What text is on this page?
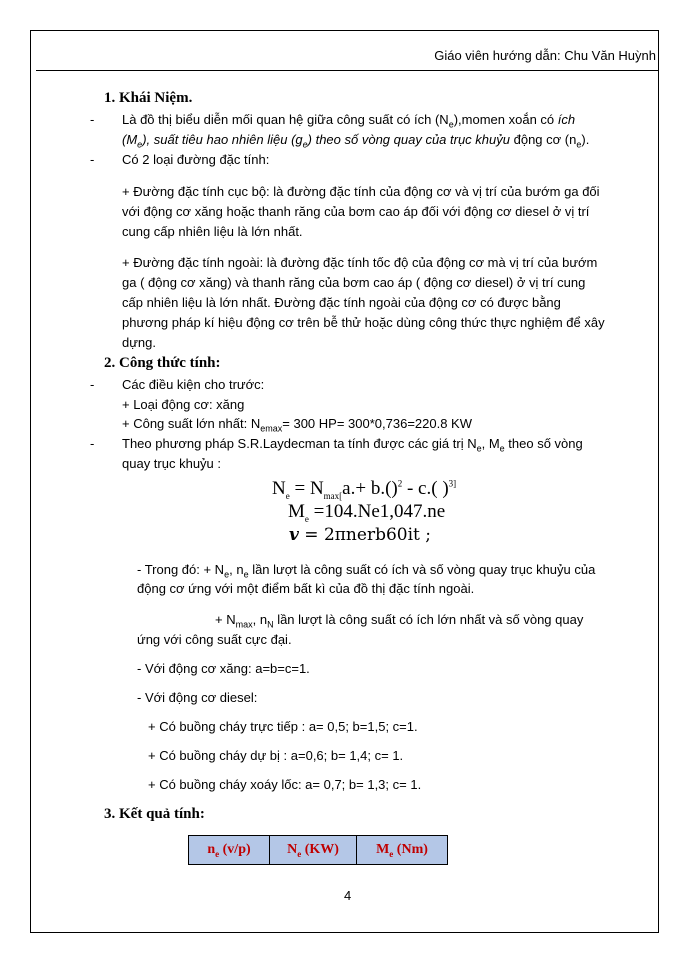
Giáo viên hướng dẫn: Chu Văn Huỳnh
1. Khái Niệm.
- Là đồ thị biểu diễn mối quan hệ giữa công suất có ích $(N_e),momen$ xoắn có ích
$(M_e)$, suất tiêu hao nhiên liệu $(g_e)$ theo số vòng quay của trục khuỷu động cơ $(n_e)$.
- Có 2 loại đường đặc tính:
+ Đường đặc tính cục bộ: là đường đặc tính của động cơ và vị trí của bướm ga đối
với động cơ xăng hoặc thanh răng của bơm cao áp đối với động cơ diesel ở vị trí
cung cấp nhiên liệu là lớn nhất.
+ Đường đặc tính ngoài: là đường đặc tính tốc độ của động cơ mà vị trí của bướm
ga ( động cơ xăng) và thanh răng của bơm cao áp ( động cơ diesel) ở vị trí cung
cấp nhiên liệu là lớn nhất. Đường đặc tính ngoài của động cơ có được bằng
phương pháp kí hiệu động cơ trên bễ thử hoặc dùng công thức thực nghiệm để xây
dựng.
2. Công thức tính:
- Các điều kiện cho trước:
+ Loại động cơ: xăng
+ Công suất lớn nhất: $N_{emax}= 300$ HP= 300*0,736=220.8 KW
- Theo phương pháp S.R.Laydecman ta tính được các giá trị $N_e$, $M_e$ theo số vòng
quay trục khuỷu :
$N_e = N_{max[}a.+ b.()^2 - c$.( )$^{3]}$
$M_e =104.Ne1,047.ne$
v = 2πnerb60it ;
- Trong đó: + $N_e$, $n_e$ lần lượt là công suất có ích và số vòng quay trục khuỷu của
động cơ ứng với một điểm bất kì của đồ thị đặc tính ngoài.
+ $N_{max}$, $n_N$ lần lượt là công suất có ích lớn nhất và số vòng quay
ứng với công suất cực đại.
- Với động cơ xăng: a=b=c=1.
- Với động cơ diesel:
+ Có buồng cháy trực tiếp : a= 0,5; b=1,5; c=1.
+ Có buồng cháy dự bị : a=0,6; b= 1,4; c= 1.
+ Có buồng cháy xoáy lốc: a= 0,7; b= 1,3; c= 1.
3. Kết quả tính:
$n_e$ (v/p)	$N_e$ (KW)	$M_e$ (Nm)
4
